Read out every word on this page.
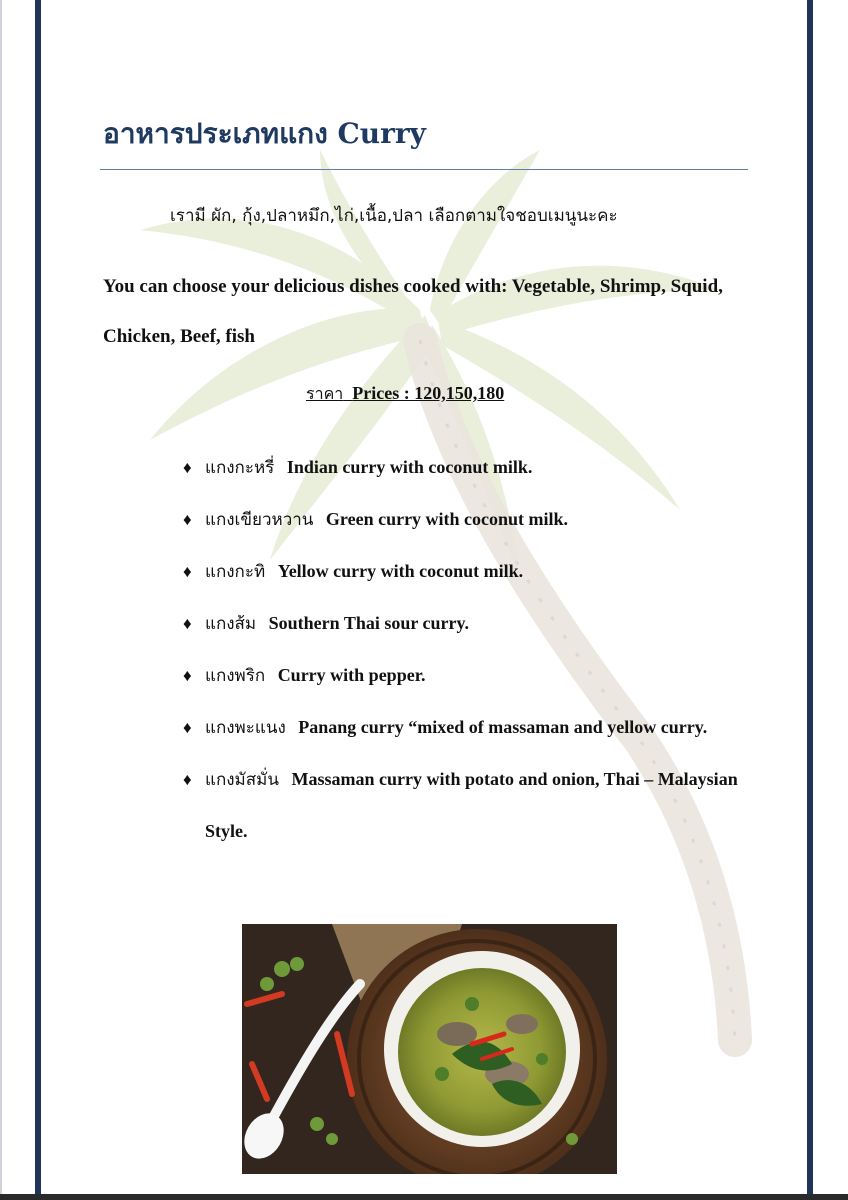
อาหารประเภทแกง Curry
เรามี ผัก, กุ้ง,ปลาหมึก,ไก่,เนื้อ,ปลา เลือกตามใจชอบเมนูนะคะ
You can choose your delicious dishes cooked with: Vegetable, Shrimp, Squid, Chicken, Beef, fish
ราคา Prices : 120,150,180
♦ แกงกะหรี่ Indian curry with coconut milk.
♦ แกงเขียวหวาน Green curry with coconut milk.
♦ แกงกะทิ Yellow curry with coconut milk.
♦ แกงส้ม Southern Thai sour curry.
♦ แกงพริก Curry with pepper.
♦ แกงพะแนง Panang curry “mixed of massaman and yellow curry.
♦ แกงมัสมั่น Massaman curry with potato and onion, Thai – Malaysian Style.
